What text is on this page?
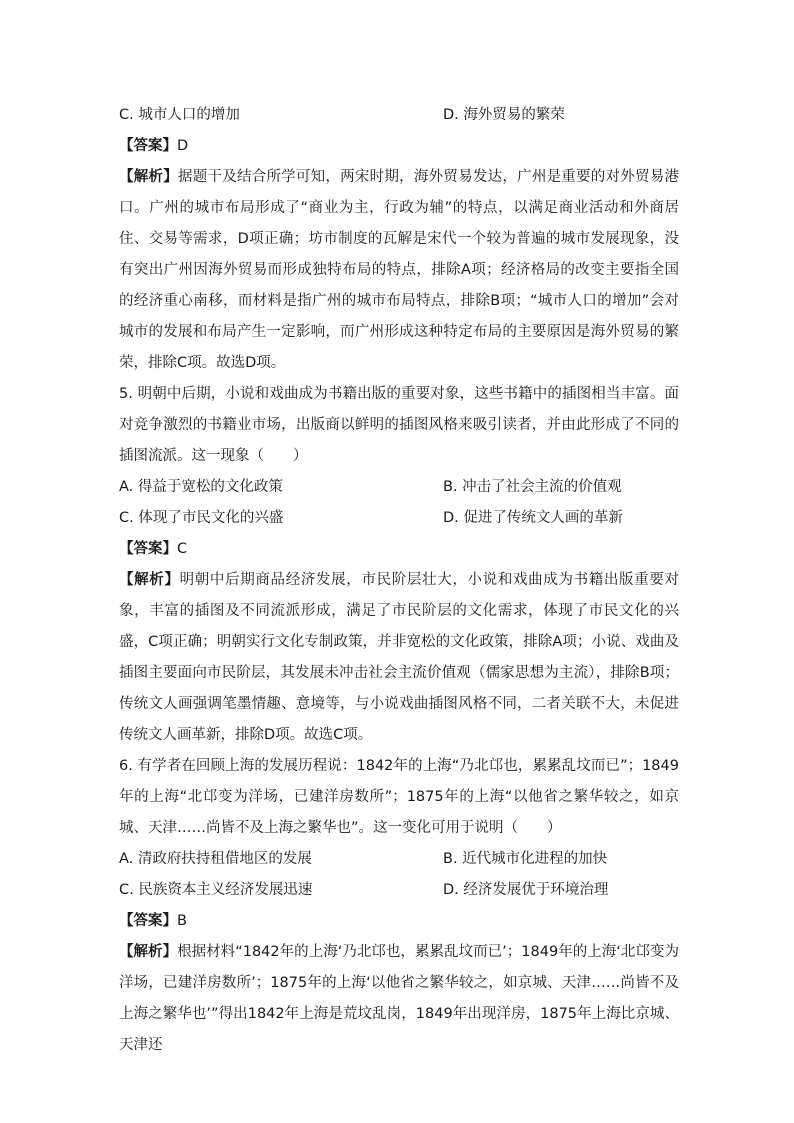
C. 城市人口的增加	D. 海外贸易的繁荣
【答案】D
【解析】据题干及结合所学可知，两宋时期，海外贸易发达，广州是重要的对外贸易港口。广州的城市布局形成了“商业为主，行政为辅”的特点，以满足商业活动和外商居住、交易等需求，D项正确；坊市制度的瓦解是宋代一个较为普遍的城市发展现象，没有突出广州因海外贸易而形成独特布局的特点，排除A项；经济格局的改变主要指全国的经济重心南移，而材料是指广州的城市布局特点，排除B项；“城市人口的增加”会对城市的发展和布局产生一定影响，而广州形成这种特定布局的主要原因是海外贸易的繁荣，排除C项。故选D项。
5. 明朝中后期，小说和戏曲成为书籍出版的重要对象，这些书籍中的插图相当丰富。面对竞争激烈的书籍业市场，出版商以鲜明的插图风格来吸引读者，并由此形成了不同的插图流派。这一现象（　　）
A. 得益于宽松的文化政策	B. 冲击了社会主流的价值观
C. 体现了市民文化的兴盛	D. 促进了传统文人画的革新
【答案】C
【解析】明朝中后期商品经济发展，市民阶层壮大，小说和戏曲成为书籍出版重要对象，丰富的插图及不同流派形成，满足了市民阶层的文化需求，体现了市民文化的兴盛，C项正确；明朝实行文化专制政策，并非宽松的文化政策，排除A项；小说、戏曲及插图主要面向市民阶层，其发展未冲击社会主流价值观（儒家思想为主流），排除B项；传统文人画强调笔墨情趣、意境等，与小说戏曲插图风格不同，二者关联不大，未促进传统文人画革新，排除D项。故选C项。
6. 有学者在回顾上海的发展历程说：1842年的上海“乃北邙也，累累乱坟而已”；1849年的上海“北邙变为洋场，已建洋房数所”；1875年的上海“以他省之繁华较之，如京城、天津……尚皆不及上海之繁华也”。这一变化可用于说明（　　）
A. 清政府扶持租借地区的发展	B. 近代城市化进程的加快
C. 民族资本主义经济发展迅速	D. 经济发展优于环境治理
【答案】B
【解析】根据材料“1842年的上海‘乃北邙也，累累乱坟而已’；1849年的上海‘北邙变为洋场，已建洋房数所’；1875年的上海‘以他省之繁华较之，如京城、天津……尚皆不及上海之繁华也’”得出1842年上海是荒坟乱岗，1849年出现洋房，1875年上海比京城、天津还
